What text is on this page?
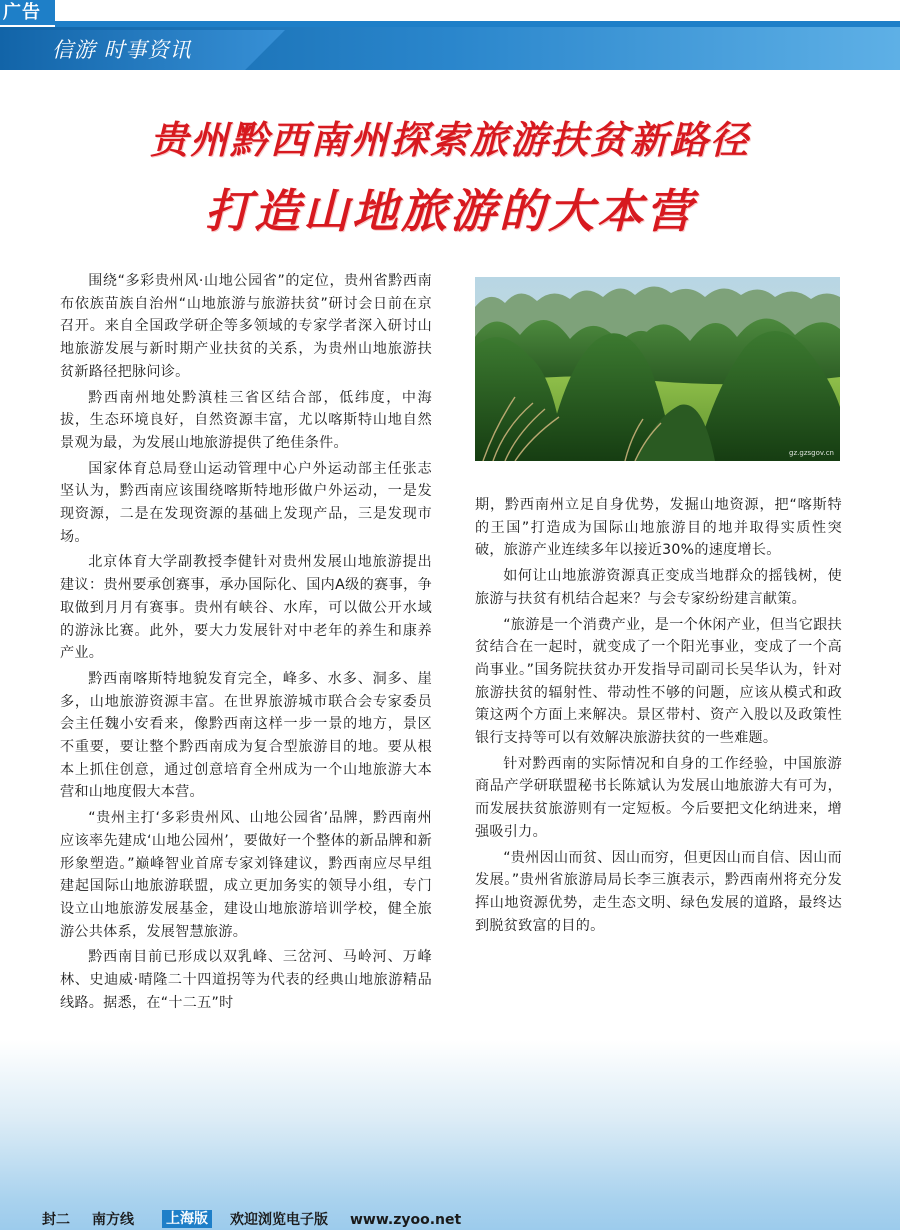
广告
信游 时事资讯
贵州黔西南州探索旅游扶贫新路径
打造山地旅游的大本营

围绕“多彩贵州风·山地公园省”的定位，贵州省黔西南布依族苗族自治州“山地旅游与旅游扶贫”研讨会日前在京召开。来自全国政学研企等多领域的专家学者深入研讨山地旅游发展与新时期产业扶贫的关系，为贵州山地旅游扶贫新路径把脉问诊。

黔西南州地处黔滇桂三省区结合部，低纬度，中海拔，生态环境良好，自然资源丰富，尤以喀斯特山地自然景观为最，为发展山地旅游提供了绝佳条件。

国家体育总局登山运动管理中心户外运动部主任张志坚认为，黔西南应该围绕喀斯特地形做户外运动，一是发现资源，二是在发现资源的基础上发现产品，三是发现市场。

北京体育大学副教授李健针对贵州发展山地旅游提出建议：贵州要承创赛事，承办国际化、国内A级的赛事，争取做到月月有赛事。贵州有峡谷、水库，可以做公开水域的游泳比赛。此外，要大力发展针对中老年的养生和康养产业。

黔西南喀斯特地貌发育完全，峰多、水多、洞多、崖多，山地旅游资源丰富。在世界旅游城市联合会专家委员会主任魏小安看来，像黔西南这样一步一景的地方，景区不重要，要让整个黔西南成为复合型旅游目的地。要从根本上抓住创意，通过创意培育全州成为一个山地旅游大本营和山地度假大本营。

“贵州主打‘多彩贵州风、山地公园省’品牌，黔西南州应该率先建成‘山地公园州’，要做好一个整体的新品牌和新形象塑造。”巅峰智业首席专家刘锋建议，黔西南应尽早组建起国际山地旅游联盟，成立更加务实的领导小组，专门设立山地旅游发展基金，建设山地旅游培训学校，健全旅游公共体系，发展智慧旅游。

黔西南目前已形成以双乳峰、三岔河、马岭河、万峰林、史迪威·晴隆二十四道拐等为代表的经典山地旅游精品线路。据悉，在“十二五”时

gz.gzsgov.cn

期，黔西南州立足自身优势，发掘山地资源，把“喀斯特的王国”打造成为国际山地旅游目的地并取得实质性突破，旅游产业连续多年以接近30%的速度增长。

如何让山地旅游资源真正变成当地群众的摇钱树，使旅游与扶贫有机结合起来？与会专家纷纷建言献策。

“旅游是一个消费产业，是一个休闲产业，但当它跟扶贫结合在一起时，就变成了一个阳光事业，变成了一个高尚事业。”国务院扶贫办开发指导司副司长吴华认为，针对旅游扶贫的辐射性、带动性不够的问题，应该从模式和政策这两个方面上来解决。景区带村、资产入股以及政策性银行支持等可以有效解决旅游扶贫的一些难题。

针对黔西南的实际情况和自身的工作经验，中国旅游商品产学研联盟秘书长陈斌认为发展山地旅游大有可为，而发展扶贫旅游则有一定短板。今后要把文化纳进来，增强吸引力。

“贵州因山而贫、因山而穷，但更因山而自信、因山而发展。”贵州省旅游局局长李三旗表示，黔西南州将充分发挥山地资源优势，走生态文明、绿色发展的道路，最终达到脱贫致富的目的。

封二 南方线 上海版 欢迎浏览电子版 www.zyoo.net
